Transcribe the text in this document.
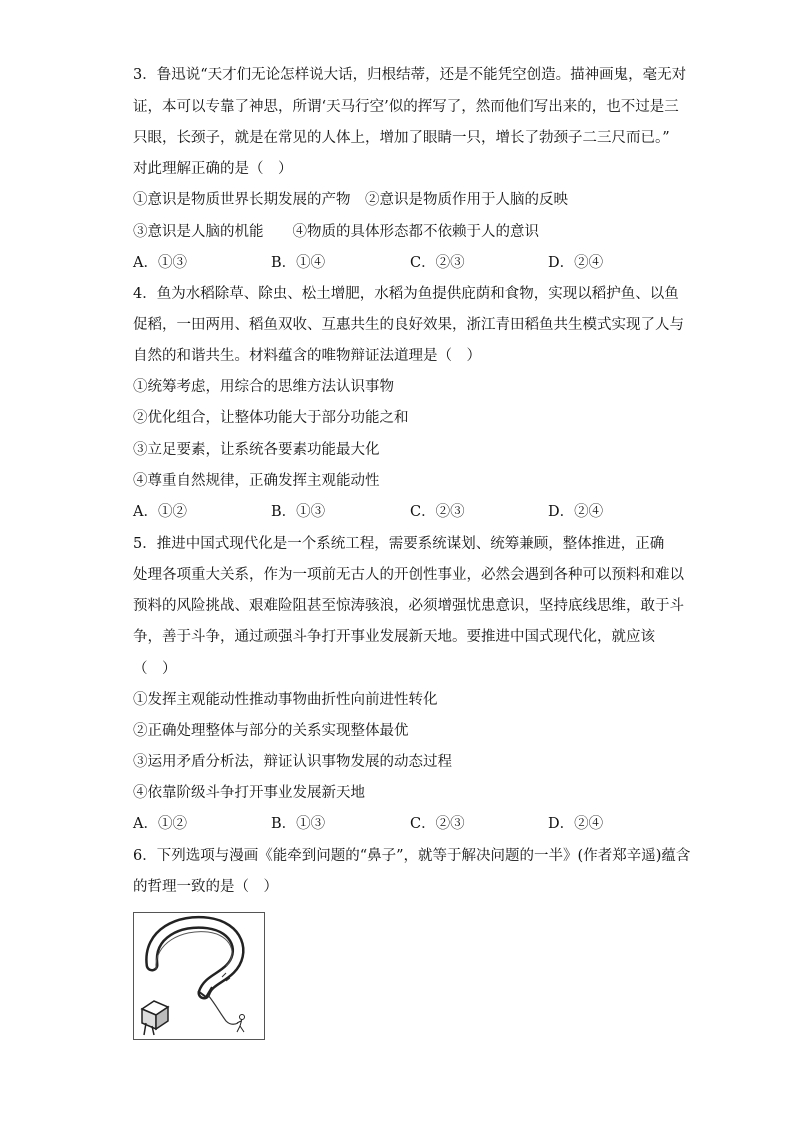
3．鲁迅说“天才们无论怎样说大话，归根结蒂，还是不能凭空创造。描神画鬼，毫无对
证，本可以专靠了神思，所谓‘天马行空’似的挥写了，然而他们写出来的，也不过是三
只眼，长颈子，就是在常见的人体上，增加了眼睛一只，增长了勃颈子二三尺而已。”
对此理解正确的是（　）
①意识是物质世界长期发展的产物　②意识是物质作用于人脑的反映
③意识是人脑的机能　　④物质的具体形态都不依赖于人的意识
A．①③	B．①④	C．②③	D．②④
4．鱼为水稻除草、除虫、松土增肥，水稻为鱼提供庇荫和食物，实现以稻护鱼、以鱼
促稻，一田两用、稻鱼双收、互惠共生的良好效果，浙江青田稻鱼共生模式实现了人与
自然的和谐共生。材料蕴含的唯物辩证法道理是（　）
①统筹考虑，用综合的思维方法认识事物
②优化组合，让整体功能大于部分功能之和
③立足要素，让系统各要素功能最大化
④尊重自然规律，正确发挥主观能动性
A．①②	B．①③	C．②③	D．②④
5．推进中国式现代化是一个系统工程，需要系统谋划、统筹兼顾，整体推进，正确
处理各项重大关系，作为一项前无古人的开创性事业，必然会遇到各种可以预料和难以
预料的风险挑战、艰难险阻甚至惊涛骇浪，必须增强忧患意识，坚持底线思维，敢于斗
争，善于斗争，通过顽强斗争打开事业发展新天地。要推进中国式现代化，就应该
（　）
①发挥主观能动性推动事物曲折性向前进性转化
②正确处理整体与部分的关系实现整体最优
③运用矛盾分析法，辩证认识事物发展的动态过程
④依靠阶级斗争打开事业发展新天地
A．①②	B．①③	C．②③	D．②④
6．下列选项与漫画《能牵到问题的“鼻子”，就等于解决问题的一半》(作者郑辛遥)蕴含
的哲理一致的是（　）
